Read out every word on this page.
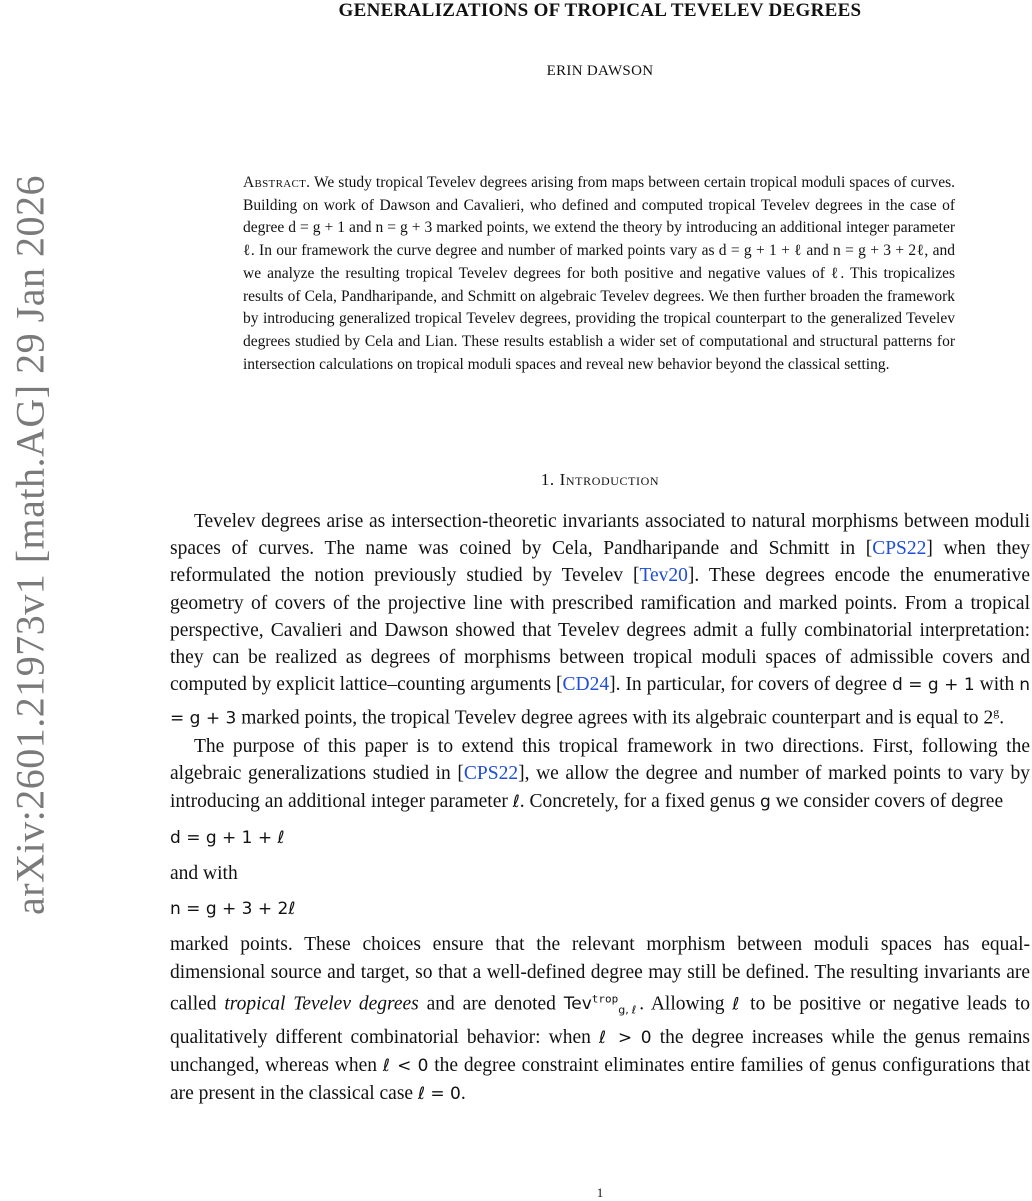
arXiv:2601.21973v1 [math.AG] 29 Jan 2026
GENERALIZATIONS OF TROPICAL TEVELEV DEGREES
ERIN DAWSON
Abstract. We study tropical Tevelev degrees arising from maps between certain tropical moduli spaces of curves. Building on work of Dawson and Cavalieri, who defined and computed tropical Tevelev degrees in the case of degree d = g + 1 and n = g + 3 marked points, we extend the theory by introducing an additional integer parameter ℓ. In our framework the curve degree and number of marked points vary as d = g + 1 + ℓ and n = g + 3 + 2ℓ, and we analyze the resulting tropical Tevelev degrees for both positive and negative values of ℓ. This tropicalizes results of Cela, Pandharipande, and Schmitt on algebraic Tevelev degrees. We then further broaden the framework by introducing generalized tropical Tevelev degrees, providing the tropical counterpart to the generalized Tevelev degrees studied by Cela and Lian. These results establish a wider set of computational and structural patterns for intersection calculations on tropical moduli spaces and reveal new behavior beyond the classical setting.
1. Introduction

Tevelev degrees arise as intersection-theoretic invariants associated to natural morphisms between moduli spaces of curves. The name was coined by Cela, Pandharipande and Schmitt in [CPS22] when they reformulated the notion previously studied by Tevelev [Tev20]. These degrees encode the enumerative geometry of covers of the projective line with prescribed ramification and marked points. From a tropical perspective, Cavalieri and Dawson showed that Tevelev degrees admit a fully combinatorial interpretation: they can be realized as degrees of morphisms between tropical moduli spaces of admissible covers and computed by explicit lattice–counting arguments [CD24]. In particular, for covers of degree d = g + 1 with n = g + 3 marked points, the tropical Tevelev degree agrees with its algebraic counterpart and is equal to 2$^g$.

The purpose of this paper is to extend this tropical framework in two directions. First, following the algebraic generalizations studied in [CPS22], we allow the degree and number of marked points to vary by introducing an additional integer parameter ℓ. Concretely, for a fixed genus g we consider covers of degree

d = g + 1 + ℓ

and with

n = g + 3 + 2ℓ

marked points. These choices ensure that the relevant morphism between moduli spaces has equal-dimensional source and target, so that a well-defined degree may still be defined. The resulting invariants are called tropical Tevelev degrees and are denoted Tev$^{trop}_{g,\ell}$. Allowing ℓ to be positive or negative leads to qualitatively different combinatorial behavior: when ℓ > 0 the degree increases while the genus remains unchanged, whereas when ℓ < 0 the degree constraint eliminates entire families of genus configurations that are present in the classical case ℓ = 0.

1
